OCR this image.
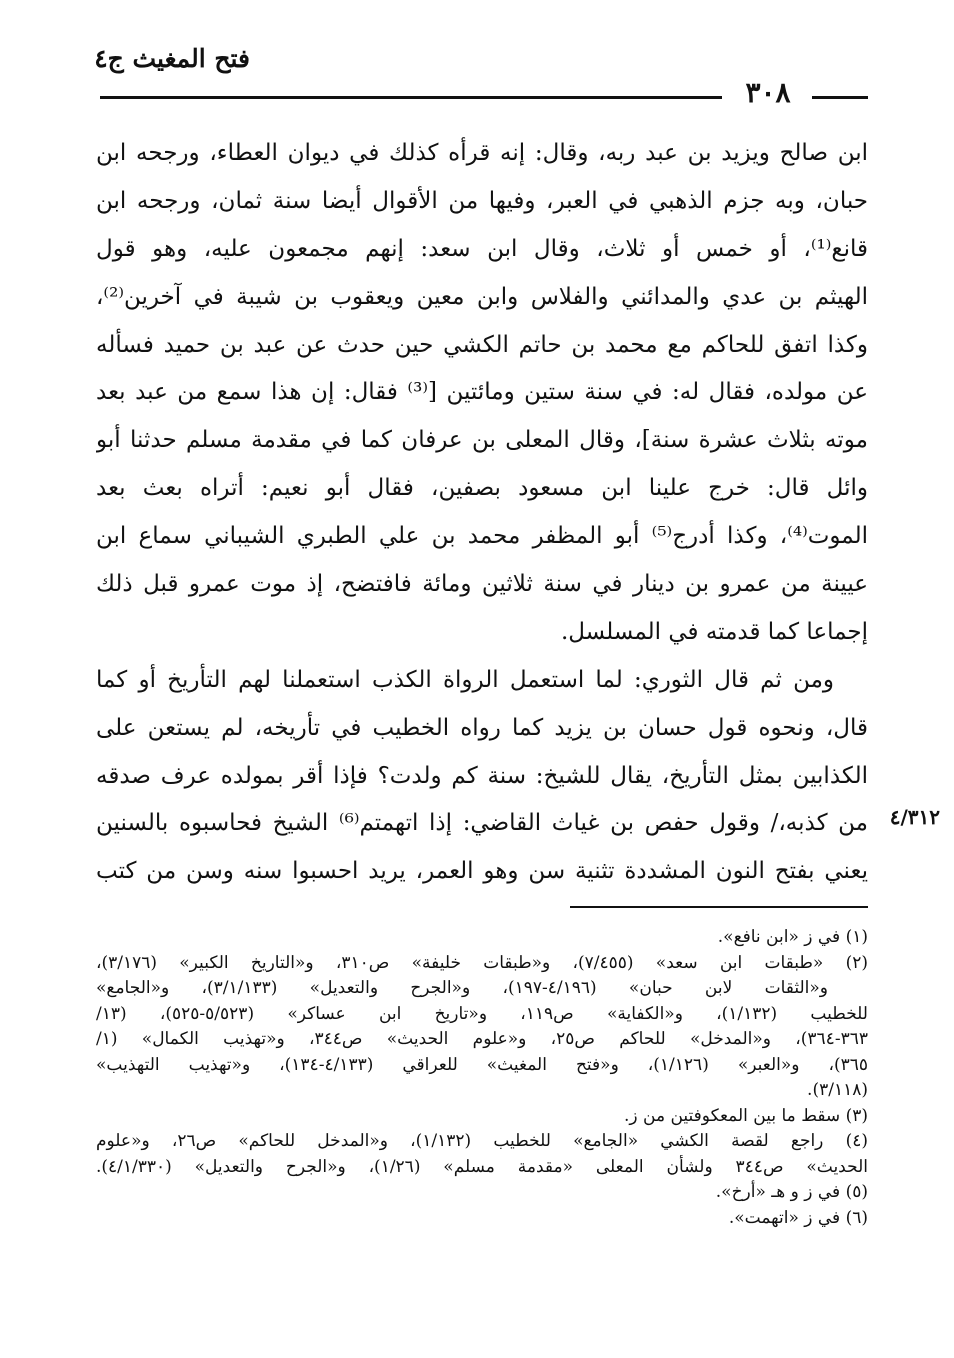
فتح المغيث ج٤
٣٠٨
ابن صالح ويزيد بن عبد ربه، وقال: إنه قرأه كذلك في ديوان العطاء، ورجحه ابن
حبان، وبه جزم الذهبي في العبر، وفيها من الأقوال أيضا سنة ثمان، ورجحه ابن
قانع⁽¹⁾، أو خمس أو ثلاث، وقال ابن سعد: إنهم مجمعون عليه، وهو قول
الهيثم بن عدي والمدائني والفلاس وابن معين ويعقوب بن شيبة في آخرين⁽²⁾،
وكذا اتفق للحاكم مع محمد بن حاتم الكشي حين حدث عن عبد بن حميد فسأله
عن مولده، فقال له: في سنة ستين ومائتين [⁽³⁾ فقال: إن هذا سمع من عبد بعد
موته بثلاث عشرة سنة]، وقال المعلى بن عرفان كما في مقدمة مسلم حدثنا أبو
وائل قال: خرج علينا ابن مسعود بصفين، فقال أبو نعيم: أتراه بعث بعد
الموت⁽⁴⁾، وكذا أدرج⁽⁵⁾ أبو المظفر محمد بن علي الطبري الشيباني سماع ابن
عيينة من عمرو بن دينار في سنة ثلاثين ومائة فافتضح، إذ موت عمرو قبل ذلك
إجماعا كما قدمته في المسلسل.
ومن ثم قال الثوري: لما استعمل الرواة الكذب استعملنا لهم التأريخ أو كما
قال، ونحوه قول حسان بن يزيد كما رواه الخطيب في تأريخه، لم يستعن على
الكذابين بمثل التأريخ، يقال للشيخ: سنة كم ولدت؟ فإذا أقر بمولده عرف صدقه
من كذبه،/ وقول حفص بن غياث القاضي: إذا اتهمتم⁽⁶⁾ الشيخ فحاسبوه بالسنين
يعني بفتح النون المشددة تثنية سن وهو العمر، يريد احسبوا سنه وسن من كتب
٤/٣١٢
(١) في ز «ابن نافع».
(٢) «طبقات ابن سعد» (٧/٤٥٥)، و«طبقات خليفة» ص٣١٠، و«التاريخ الكبير» (٣/١٧٦)،
و«الثقات لابن حبان» (٤/١٩٦-١٩٧)، و«الجرح والتعديل» (٣/١/١٣٣)، و«الجامع»
للخطيب (١/١٣٢)، و«الكفاية» ص١١٩، و«تاريخ ابن عساكر» (٥/٥٢٣-٥٢٥)، (١٣/
٣٦٣-٣٦٤)، و«المدخل» للحاكم ص٢٥، و«علوم الحديث» ص٣٤٤، و«تهذيب الكمال» (١/
٣٦٥)، و«العبر» (١/١٢٦)، و«فتح المغيث» للعراقي (٤/١٣٣-١٣٤)، و«تهذيب التهذيب»
(٣/١١٨).
(٣) سقط ما بين المعكوفتين من ز.
(٤) راجع لقصة الكشي «الجامع» للخطيب (١/١٣٢)، و«المدخل للحاكم» ص٢٦، و«علوم
الحديث» ص٣٤٤ ولشأن المعلى «مقدمة مسلم» (١/٢٦)، و«الجرح والتعديل» (٤/١/٣٣٠).
(٥) في ز و هـ «أرخ».
(٦) في ز «اتهمت».
